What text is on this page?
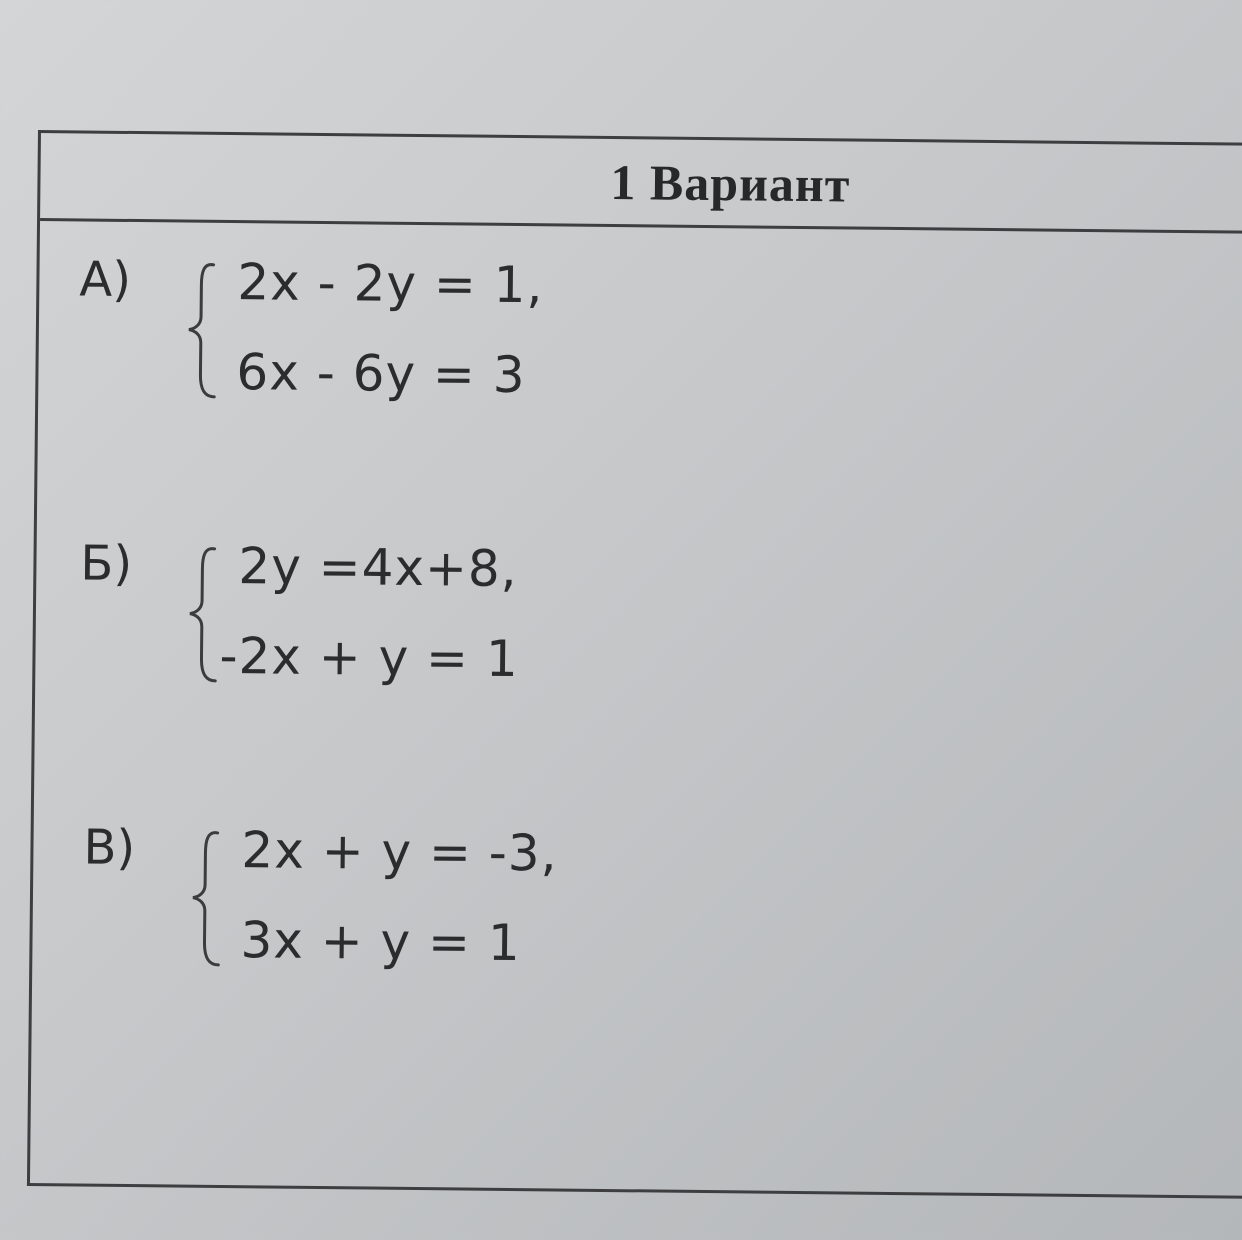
1 Вариант
А) 2x - 2y = 1,
6x - 6y = 3
Б) 2y =4x+8,
-2x + y = 1
В) 2x + y = -3,
3x + y = 1
